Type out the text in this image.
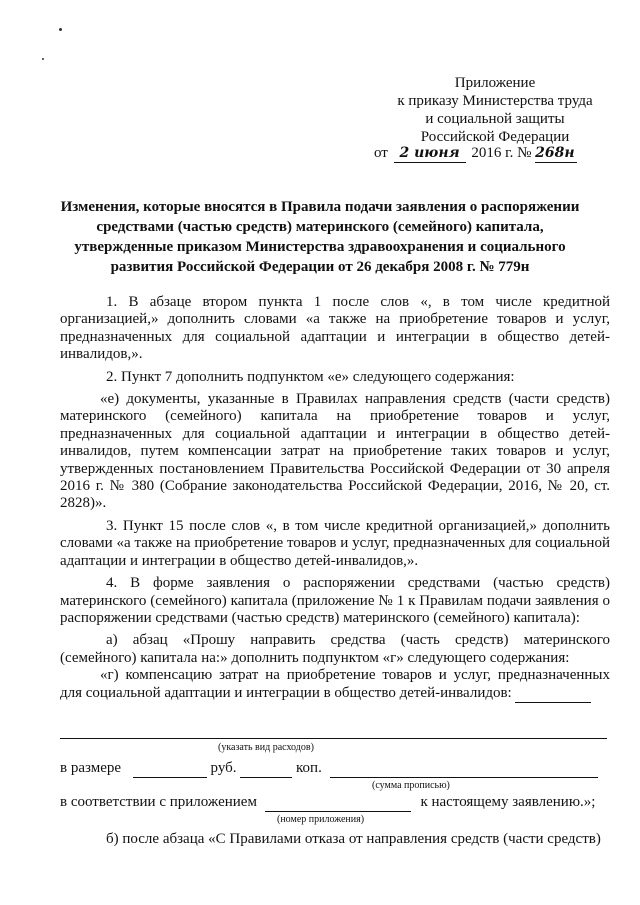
Приложение
к приказу Министерства труда
и социальной защиты
Российской Федерации
от 2 июня 2016 г. № 268н
Изменения, которые вносятся в Правила подачи заявления о распоряжении
средствами (частью средств) материнского (семейного) капитала,
утвержденные приказом Министерства здравоохранения и социального
развития Российской Федерации от 26 декабря 2008 г. № 779н

1. В абзаце втором пункта 1 после слов «, в том числе кредитной организацией,» дополнить словами «а также на приобретение товаров и услуг, предназначенных для социальной адаптации и интеграции в общество детей-инвалидов,».

2. Пункт 7 дополнить подпунктом «е» следующего содержания:

«е) документы, указанные в Правилах направления средств (части средств) материнского (семейного) капитала на приобретение товаров и услуг, предназначенных для социальной адаптации и интеграции в общество детей-инвалидов, путем компенсации затрат на приобретение таких товаров и услуг, утвержденных постановлением Правительства Российской Федерации от 30 апреля 2016 г. № 380 (Собрание законодательства Российской Федерации, 2016, № 20, ст. 2828)».

3. Пункт 15 после слов «, в том числе кредитной организацией,» дополнить словами «а также на приобретение товаров и услуг, предназначенных для социальной адаптации и интеграции в общество детей-инвалидов,».

4. В форме заявления о распоряжении средствами (частью средств) материнского (семейного) капитала (приложение № 1 к Правилам подачи заявления о распоряжении средствами (частью средств) материнского (семейного) капитала):

а) абзац «Прошу направить средства (часть средств) материнского (семейного) капитала на:» дополнить подпунктом «г» следующего содержания:

«г) компенсацию затрат на приобретение товаров и услуг, предназначенных для социальной адаптации и интеграции в общество детей-инвалидов:

(указать вид расходов)
в размере	руб.	коп.
(сумма прописью)
в соответствии с приложением	к настоящему заявлению.»;
(номер приложения)
б) после абзаца «С Правилами отказа от направления средств (части средств)
